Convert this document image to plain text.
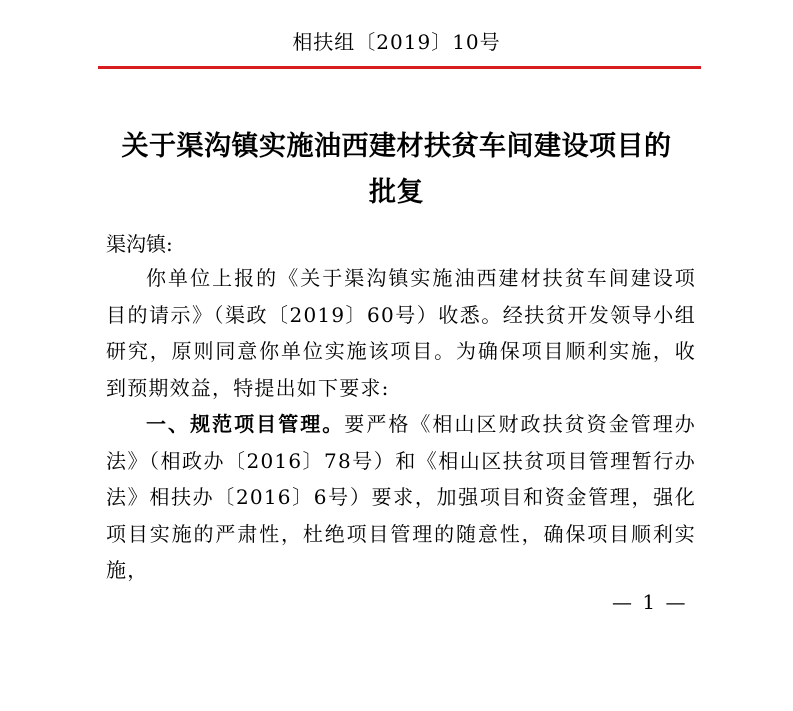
相扶组〔2019〕10号
关于渠沟镇实施油西建材扶贫车间建设项目的
批复
渠沟镇:

你单位上报的《关于渠沟镇实施油西建材扶贫车间建设项目的请示》（渠政〔2019〕60号）收悉。经扶贫开发领导小组研究，原则同意你单位实施该项目。为确保项目顺利实施，收到预期效益，特提出如下要求:

一、规范项目管理。要严格《相山区财政扶贫资金管理办法》（相政办〔2016〕78号）和《相山区扶贫项目管理暂行办法》相扶办〔2016〕6号）要求，加强项目和资金管理，强化项目实施的严肃性，杜绝项目管理的随意性，确保项目顺利实施，

— 1 —
